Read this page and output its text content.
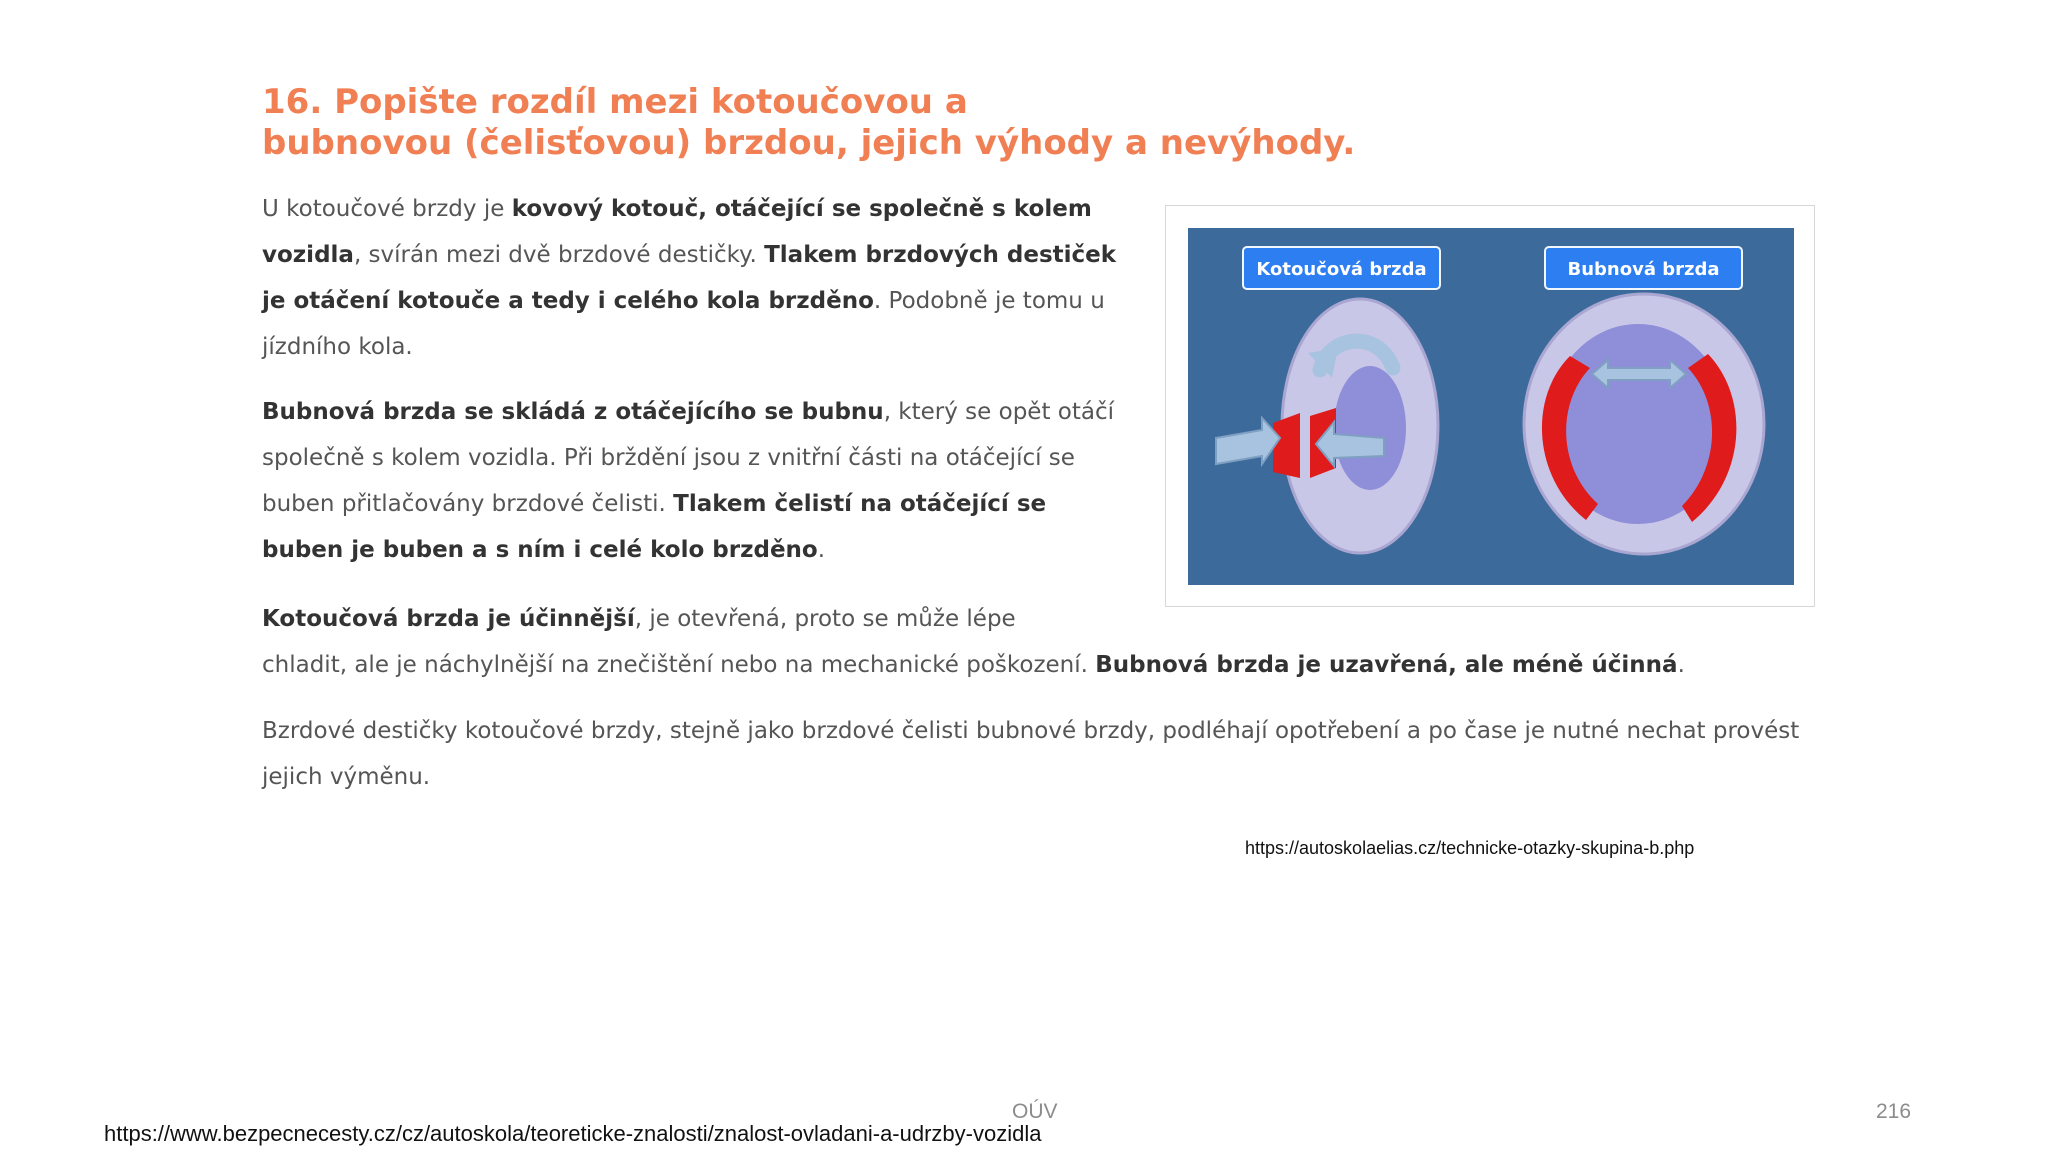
16. Popište rozdíl mezi kotoučovou a
bubnovou (čelisťovou) brzdou, jejich výhody a nevýhody.

U kotoučové brzdy je kovový kotouč, otáčející se společně s kolem vozidla, svírán mezi dvě brzdové destičky. Tlakem brzdových destiček je otáčení kotouče a tedy i celého kola brzděno. Podobně je tomu u jízdního kola.

Bubnová brzda se skládá z otáčejícího se bubnu, který se opět otáčí společně s kolem vozidla. Při brždění jsou z vnitřní části na otáčející se buben přitlačovány brzdové čelisti. Tlakem čelistí na otáčející se buben je buben a s ním i celé kolo brzděno.

Kotoučová brzda je účinnější, je otevřená, proto se může lépe

chladit, ale je náchylnější na znečištění nebo na mechanické poškození. Bubnová brzda je uzavřená, ale méně účinná.

Bzrdové destičky kotoučové brzdy, stejně jako brzdové čelisti bubnové brzdy, podléhají opotřebení a po čase je nutné nechat provést jejich výměnu.

Kotoučová brzda	Bubnová brzda
https://autoskolaelias.cz/technicke-otazky-skupina-b.php
OÚV	216
https://www.bezpecnecesty.cz/cz/autoskola/teoreticke-znalosti/znalost-ovladani-a-udrzby-vozidla
